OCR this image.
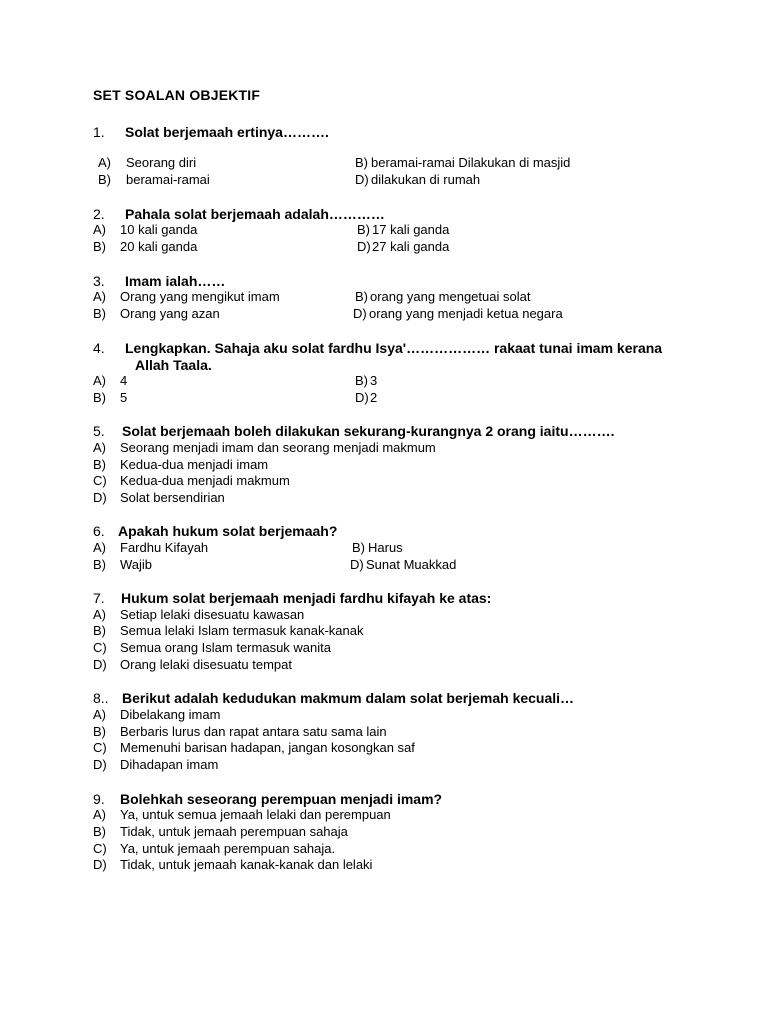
SET SOALAN OBJEKTIF
1. Solat berjemaah ertinya……….
A) Seorang diri	B) beramai-ramai Dilakukan di masjid
B) beramai-ramai	D) dilakukan di rumah
2. Pahala solat berjemaah adalah…………
A) 10 kali ganda	B) 17 kali ganda
B) 20 kali ganda	D) 27 kali ganda
3. Imam ialah……
A) Orang yang mengikut imam	B) orang yang mengetuai solat
B) Orang yang azan	D) orang yang menjadi ketua negara
4. Lengkapkan. Sahaja aku solat fardhu Isya'……………… rakaat tunai imam kerana
Allah Taala.
A) 4	B) 3
B) 5	D) 2
5. Solat berjemaah boleh dilakukan sekurang-kurangnya 2 orang iaitu……….
A) Seorang menjadi imam dan seorang menjadi makmum
B) Kedua-dua menjadi imam
C) Kedua-dua menjadi makmum
D) Solat bersendirian
6. Apakah hukum solat berjemaah?
A) Fardhu Kifayah	B) Harus
B) Wajib	D) Sunat Muakkad
7. Hukum solat berjemaah menjadi fardhu kifayah ke atas:
A) Setiap lelaki disesuatu kawasan
B) Semua lelaki Islam termasuk kanak-kanak
C) Semua orang Islam termasuk wanita
D) Orang lelaki disesuatu tempat
8.. Berikut adalah kedudukan makmum dalam solat berjemah kecuali…
A) Dibelakang imam
B) Berbaris lurus dan rapat antara satu sama lain
C) Memenuhi barisan hadapan, jangan kosongkan saf
D) Dihadapan imam
9. Bolehkah seseorang perempuan menjadi imam?
A) Ya, untuk semua jemaah lelaki dan perempuan
B) Tidak, untuk jemaah perempuan sahaja
C) Ya, untuk jemaah perempuan sahaja.
D) Tidak, untuk jemaah kanak-kanak dan lelaki
